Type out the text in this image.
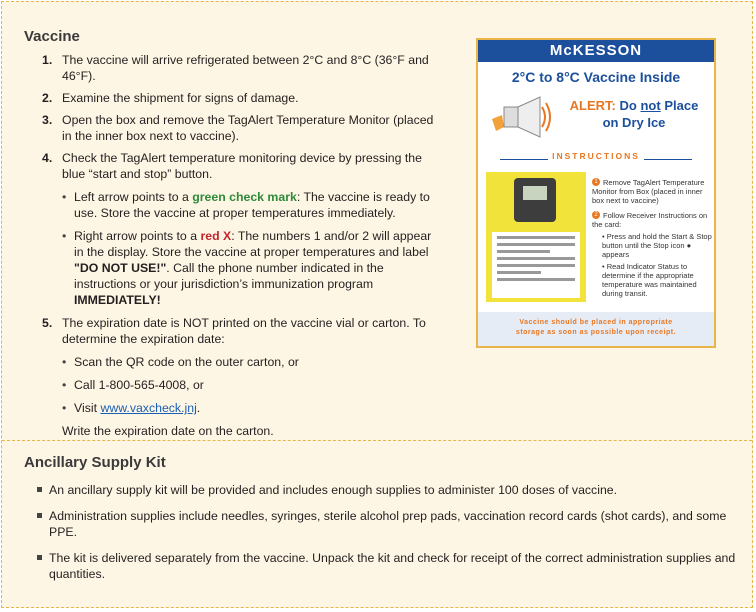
Vaccine
1. The vaccine will arrive refrigerated between 2°C and 8°C (36°F and 46°F).
2. Examine the shipment for signs of damage.
3. Open the box and remove the TagAlert Temperature Monitor (placed in the inner box next to vaccine).
4. Check the TagAlert temperature monitoring device by pressing the blue “start and stop” button.
• Left arrow points to a green check mark: The vaccine is ready to use. Store the vaccine at proper temperatures immediately.
• Right arrow points to a red X: The numbers 1 and/or 2 will appear in the display. Store the vaccine at proper temperatures and label "DO NOT USE!". Call the phone number indicated in the instructions or your jurisdiction’s immunization program IMMEDIATELY!
5. The expiration date is NOT printed on the vaccine vial or carton. To determine the expiration date:
• Scan the QR code on the outer carton, or
• Call 1-800-565-4008, or
• Visit www.vaxcheck.jnj.
Write the expiration date on the carton.
McKESSON
2°C to 8°C Vaccine Inside
ALERT: Do not Place
on Dry Ice
INSTRUCTIONS
1 Remove TagAlert Temperature Monitor from Box (placed in inner box next to vaccine)
2 Follow Receiver Instructions on the card:
• Press and hold the Start & Stop button until the Stop icon ● appears
• Read Indicator Status to determine if the appropriate temperature was maintained during transit.
Vaccine should be placed in appropriate storage as soon as possible upon receipt.
Ancillary Supply Kit
An ancillary supply kit will be provided and includes enough supplies to administer 100 doses of vaccine.
Administration supplies include needles, syringes, sterile alcohol prep pads, vaccination record cards (shot cards), and some PPE.
The kit is delivered separately from the vaccine. Unpack the kit and check for receipt of the correct administration supplies and quantities.
